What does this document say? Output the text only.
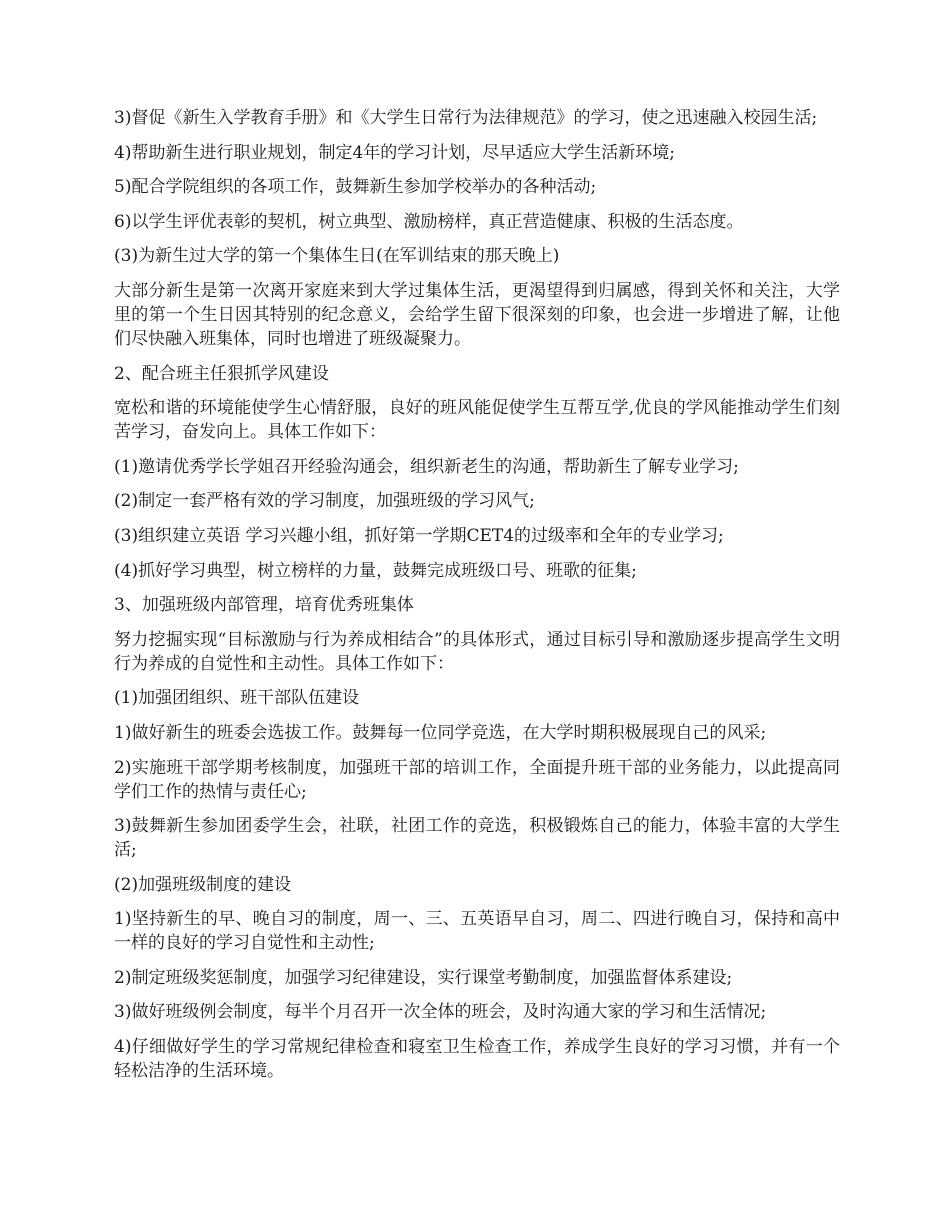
3)督促《新生入学教育手册》和《大学生日常行为法律规范》的学习，使之迅速融入校园生活;

4)帮助新生进行职业规划，制定4年的学习计划，尽早适应大学生活新环境;

5)配合学院组织的各项工作，鼓舞新生参加学校举办的各种活动;

6)以学生评优表彰的契机，树立典型、激励榜样，真正营造健康、积极的生活态度。

(3)为新生过大学的第一个集体生日(在军训结束的那天晚上)

大部分新生是第一次离开家庭来到大学过集体生活，更渴望得到归属感，得到关怀和关注，大学里的第一个生日因其特别的纪念意义，会给学生留下很深刻的印象，也会进一步增进了解，让他们尽快融入班集体，同时也增进了班级凝聚力。

2、配合班主任狠抓学风建设

宽松和谐的环境能使学生心情舒服，良好的班风能促使学生互帮互学,优良的学风能推动学生们刻苦学习，奋发向上。具体工作如下：

(1)邀请优秀学长学姐召开经验沟通会，组织新老生的沟通，帮助新生了解专业学习;

(2)制定一套严格有效的学习制度，加强班级的学习风气;

(3)组织建立英语 学习兴趣小组，抓好第一学期CET4的过级率和全年的专业学习;

(4)抓好学习典型，树立榜样的力量，鼓舞完成班级口号、班歌的征集;

3、加强班级内部管理，培育优秀班集体

努力挖掘实现“目标激励与行为养成相结合”的具体形式，通过目标引导和激励逐步提高学生文明行为养成的自觉性和主动性。具体工作如下：

(1)加强团组织、班干部队伍建设

1)做好新生的班委会选拔工作。鼓舞每一位同学竞选，在大学时期积极展现自己的风采;

2)实施班干部学期考核制度，加强班干部的培训工作，全面提升班干部的业务能力，以此提高同学们工作的热情与责任心;

3)鼓舞新生参加团委学生会，社联，社团工作的竞选，积极锻炼自己的能力，体验丰富的大学生活;

(2)加强班级制度的建设

1)坚持新生的早、晚自习的制度，周一、三、五英语早自习，周二、四进行晚自习，保持和高中一样的良好的学习自觉性和主动性;

2)制定班级奖惩制度，加强学习纪律建设，实行课堂考勤制度，加强监督体系建设;

3)做好班级例会制度，每半个月召开一次全体的班会，及时沟通大家的学习和生活情况;

4)仔细做好学生的学习常规纪律检查和寝室卫生检查工作，养成学生良好的学习习惯，并有一个轻松洁净的生活环境。
